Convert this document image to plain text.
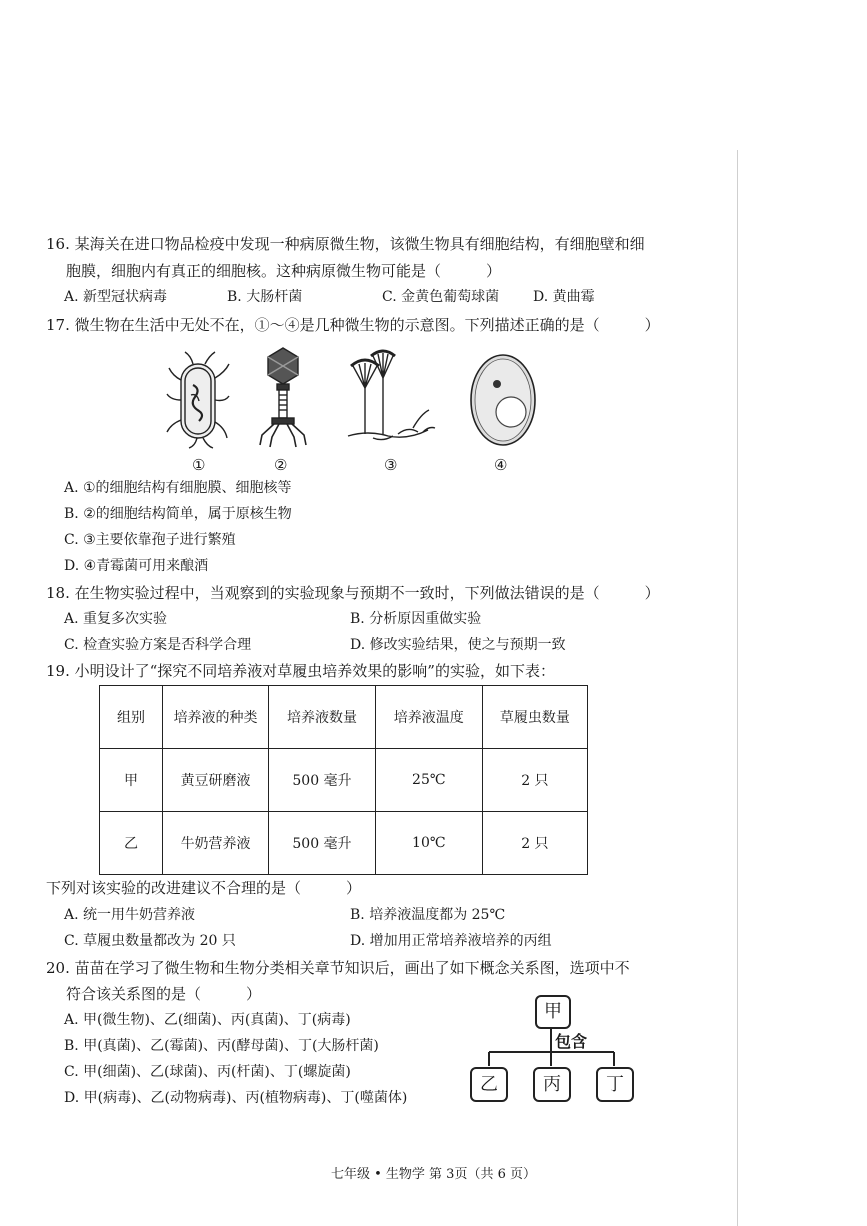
16. 某海关在进口物品检疫中发现一种病原微生物，该微生物具有细胞结构，有细胞壁和细
胞膜，细胞内有真正的细胞核。这种病原微生物可能是（　　　）
A. 新型冠状病毒	B. 大肠杆菌	C. 金黄色葡萄球菌 D. 黄曲霉
17. 微生物在生活中无处不在，①～④是几种微生物的示意图。下列描述正确的是（　　　）
①	②	③	④
A. ①的细胞结构有细胞膜、细胞核等
B. ②的细胞结构简单，属于原核生物
C. ③主要依靠孢子进行繁殖
D. ④青霉菌可用来酿酒
18. 在生物实验过程中，当观察到的实验现象与预期不一致时，下列做法错误的是（　　　）
A. 重复多次实验	B. 分析原因重做实验
C. 检查实验方案是否科学合理	D. 修改实验结果，使之与预期一致
19. 小明设计了“探究不同培养液对草履虫培养效果的影响”的实验，如下表：
组别	培养液的种类	培养液数量	培养液温度	草履虫数量
甲	黄豆研磨液	500 毫升	25℃	2 只
乙	牛奶营养液	500 毫升	10℃	2 只
下列对该实验的改进建议不合理的是（　　　）
A. 统一用牛奶营养液	B. 培养液温度都为 25℃
C. 草履虫数量都改为 20 只	D. 增加用正常培养液培养的丙组
20. 苗苗在学习了微生物和生物分类相关章节知识后，画出了如下概念关系图，选项中不
符合该关系图的是（　　　）
A. 甲(微生物)、乙(细菌)、丙(真菌)、丁(病毒)
B. 甲(真菌)、乙(霉菌)、丙(酵母菌)、丁(大肠杆菌)
C. 甲(细菌)、乙(球菌)、丙(杆菌)、丁(螺旋菌)
D. 甲(病毒)、乙(动物病毒)、丙(植物病毒)、丁(噬菌体)
甲
包含
乙	丙	丁
七年级 • 生物学 第 3页（共 6 页）
